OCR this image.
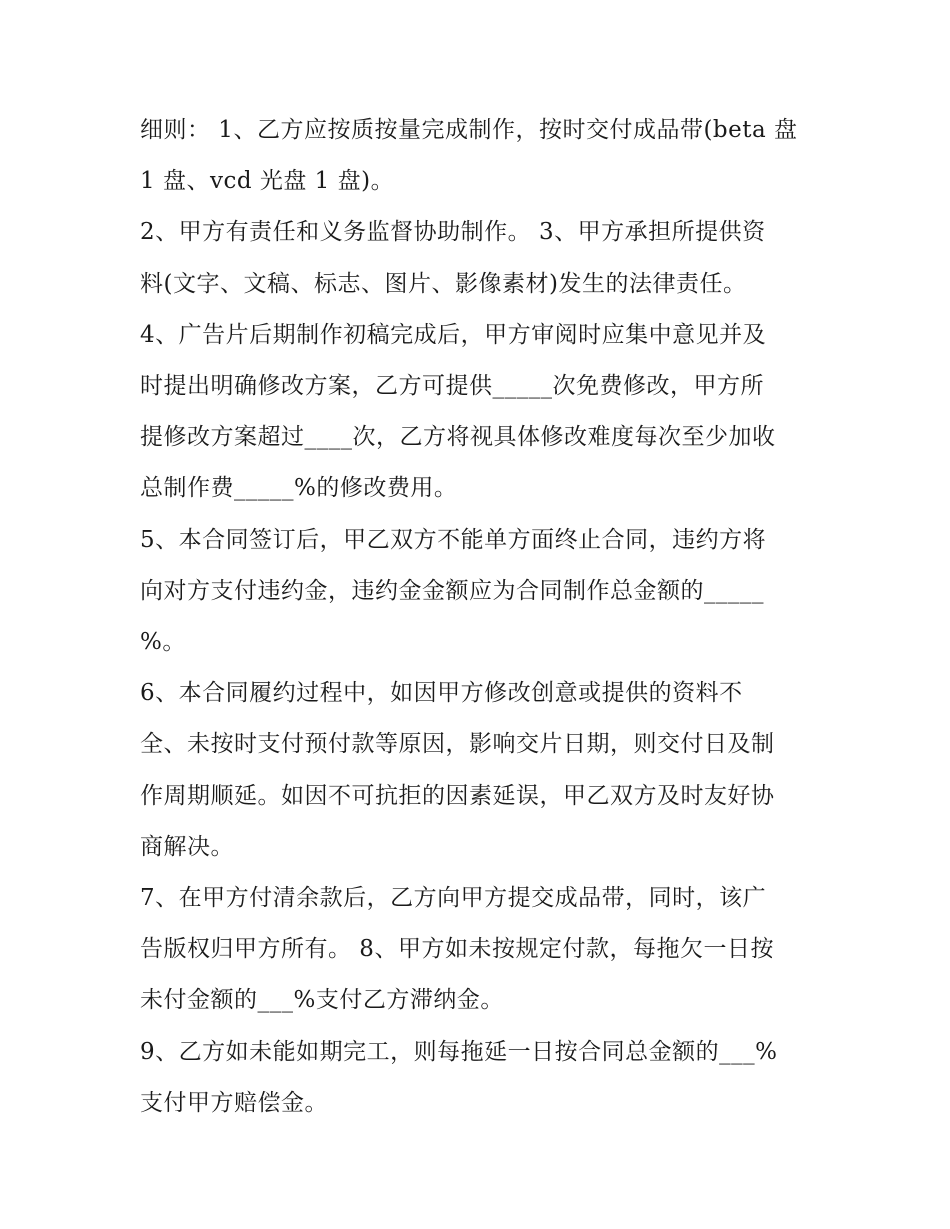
细则： 1、乙方应按质按量完成制作，按时交付成品带(beta 盘
1 盘、vcd 光盘 1 盘)。
2、甲方有责任和义务监督协助制作。 3、甲方承担所提供资
料(文字、文稿、标志、图片、影像素材)发生的法律责任。
4、广告片后期制作初稿完成后，甲方审阅时应集中意见并及
时提出明确修改方案，乙方可提供_____次免费修改，甲方所
提修改方案超过____次，乙方将视具体修改难度每次至少加收
总制作费_____%的修改费用。
5、本合同签订后，甲乙双方不能单方面终止合同，违约方将
向对方支付违约金，违约金金额应为合同制作总金额的_____
%。
6、本合同履约过程中，如因甲方修改创意或提供的资料不
全、未按时支付预付款等原因，影响交片日期，则交付日及制
作周期顺延。如因不可抗拒的因素延误，甲乙双方及时友好协
商解决。
7、在甲方付清余款后，乙方向甲方提交成品带，同时，该广
告版权归甲方所有。 8、甲方如未按规定付款，每拖欠一日按
未付金额的___%支付乙方滞纳金。
9、乙方如未能如期完工，则每拖延一日按合同总金额的___%
支付甲方赔偿金。
